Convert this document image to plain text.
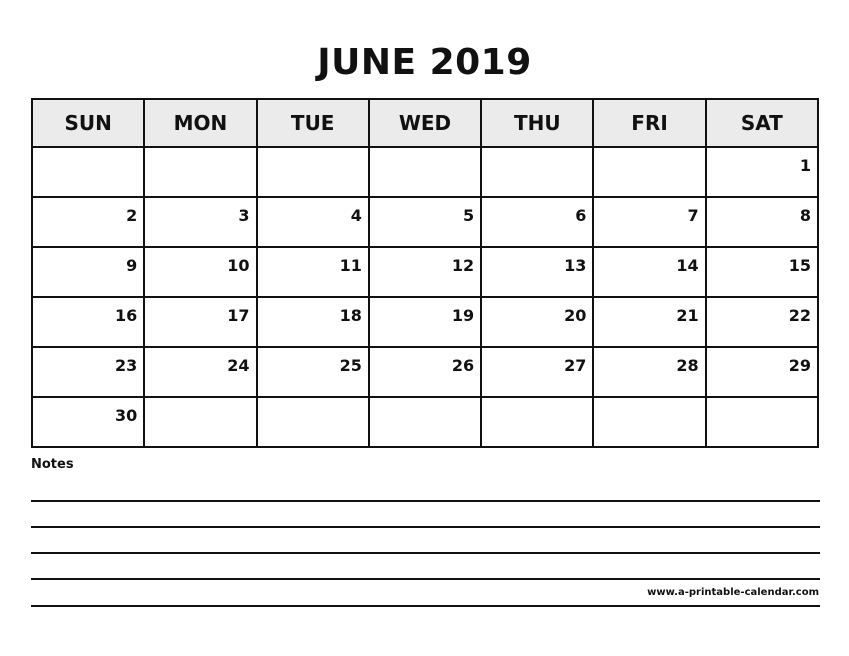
JUNE 2019
SUN	MON	TUE	WED	THU	FRI	SAT

						1

2	3	4	5	6	7	8

9	10	11	12	13	14	15

16	17	18	19	20	21	22

23	24	25	26	27	28	29

30						

Notes
www.a-printable-calendar.com
